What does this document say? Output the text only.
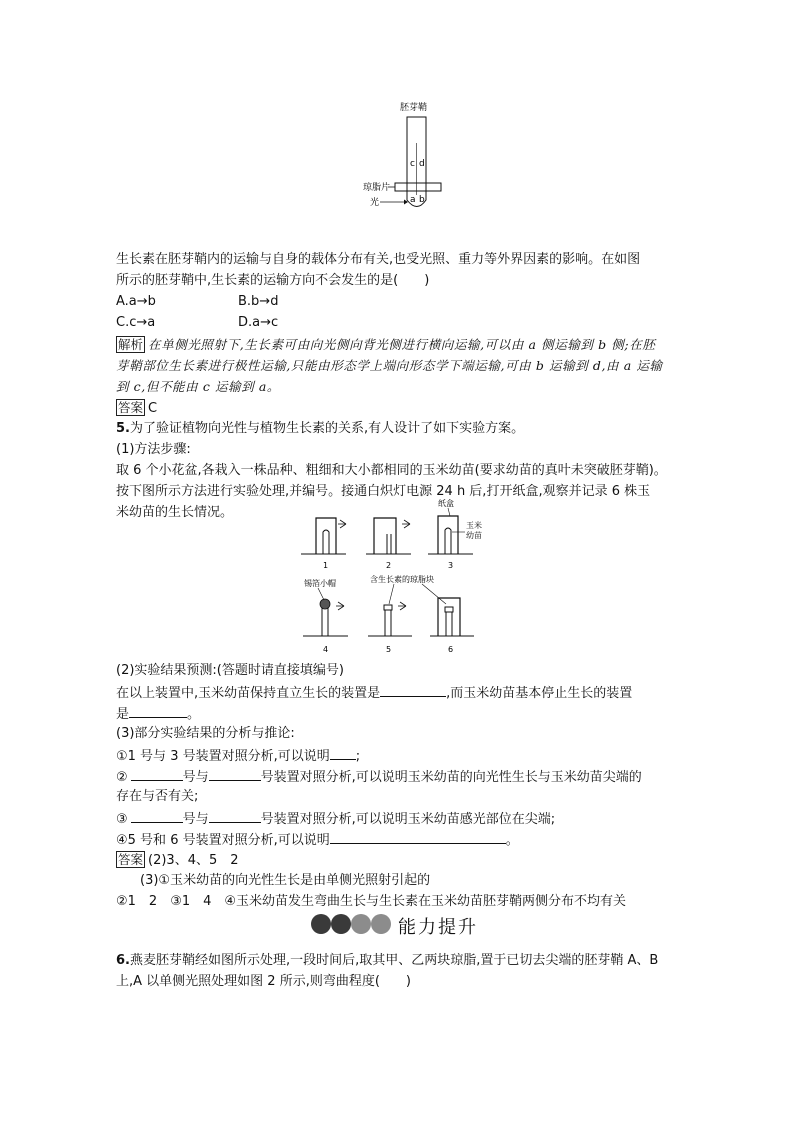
胚芽鞘
c d
琼脂片
光	a b
生长素在胚芽鞘内的运输与自身的载体分布有关,也受光照、重力等外界因素的影响。在如图
所示的胚芽鞘中,生长素的运输方向不会发生的是(　　)
A.a→b	B.b→d
C.c→a	D.a→c
解析 在单侧光照射下,生长素可由向光侧向背光侧进行横向运输,可以由 a 侧运输到 b 侧;在胚
芽鞘部位生长素进行极性运输,只能由形态学上端向形态学下端运输,可由 b 运输到 d,由 a 运输
到 c,但不能由 c 运输到 a。
答案 C
5.为了验证植物向光性与植物生长素的关系,有人设计了如下实验方案。
(1)方法步骤:
取 6 个小花盆,各栽入一株品种、粗细和大小都相同的玉米幼苗(要求幼苗的真叶未突破胚芽鞘)。
按下图所示方法进行实验处理,并编号。接通白炽灯电源 24 h 后,打开纸盒,观察并记录 6 株玉
米幼苗的生长情况。
1	2
纸盒
玉米
幼苗
3
锡箔 小帽
4	5
含生长素的琼脂块
6
(2)实验结果预测:(答题时请直接填编号)
在以上装置中,玉米幼苗保持直立生长的装置是	,而玉米幼苗基本停止生长的装置
是	。
(3)部分实验结果的分析与推论:
①1 号与 3 号装置对照分析,可以说明 ;
②	号与	号装置对照分析,可以说明玉米幼苗的向光性生长与玉米幼苗尖端的
存在与否有关;
③	号与	号装置对照分析,可以说明玉米幼苗感光部位在尖端;
④5 号和 6 号装置对照分析,可以说明	。
答案 (2)3、4、5　2
(3)①玉米幼苗的向光性生长是由单侧光照射引起的
②1　2　③1　4　④玉米幼苗发生弯曲生长与生长素在玉米幼苗胚芽鞘两侧分布不均有关
能力提升
6.燕麦胚芽鞘经如图所示处理,一段时间后,取其甲、乙两块琼脂,置于已切去尖端的胚芽鞘 A、B
上,A 以单侧光照处理如图 2 所示,则弯曲程度(　　)
